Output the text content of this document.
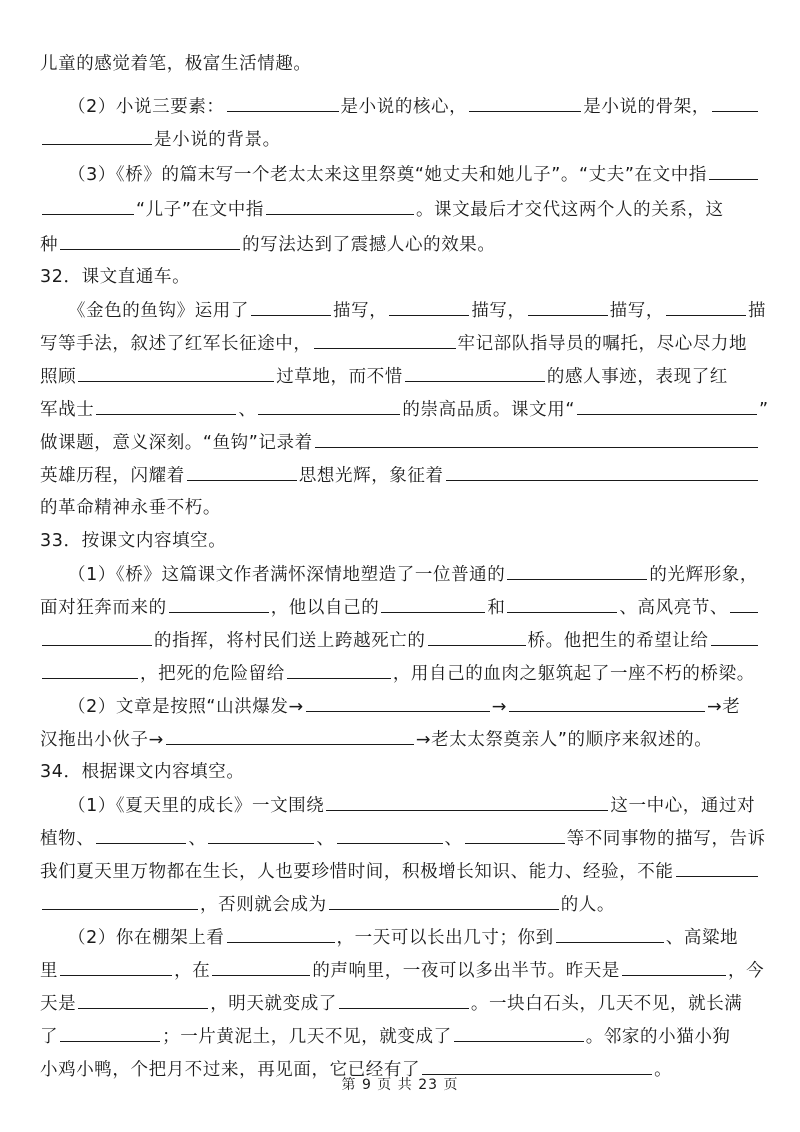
儿童的感觉着笔，极富生活情趣。
（2）小说三要素：	是小说的核心，	是小说的骨架，
是小说的背景。
（3）《桥》的篇末写一个老太太来这里祭奠“她丈夫和她儿子”。“丈夫”在文中指
“儿子”在文中指	。课文最后才交代这两个人的关系，这
种	的写法达到了震撼人心的效果。
32．课文直通车。
《金色的鱼钩》运用了	描写，	描写，	描写，	描
写等手法，叙述了红军长征途中，	牢记部队指导员的嘱托，尽心尽力地
照顾	过草地，而不惜	的感人事迹，表现了红
军战士	、	的崇高品质。课文用“	”
做课题，意义深刻。“鱼钩”记录着
英雄历程，闪耀着	思想光辉，象征着
的革命精神永垂不朽。
33．按课文内容填空。
（1）《桥》这篇课文作者满怀深情地塑造了一位普通的	的光辉形象，
面对狂奔而来的	，他以自己的	和	、高风亮节、
的指挥，将村民们送上跨越死亡的	桥。他把生的希望让给
，把死的危险留给	，用自己的血肉之躯筑起了一座不朽的桥梁。
（2）文章是按照“山洪爆发→	→	→老
汉拖出小伙子→	→老太太祭奠亲人”的顺序来叙述的。
34．根据课文内容填空。
（1）《夏天里的成长》一文围绕	这一中心，通过对
植物、	、	、	、	等不同事物的描写，告诉
我们夏天里万物都在生长，人也要珍惜时间，积极增长知识、能力、经验，不能
，否则就会成为	的人。
（2）你在棚架上看	，一天可以长出几寸；你到	、高粱地
里	，在	的声响里，一夜可以多出半节。昨天是	，今
天是	，明天就变成了	。一块白石头，几天不见，就长满
了	；一片黄泥土，几天不见，就变成了	。邻家的小猫小狗
小鸡小鸭，个把月不过来，再见面，它已经有了	。
第 9 页 共 23 页
